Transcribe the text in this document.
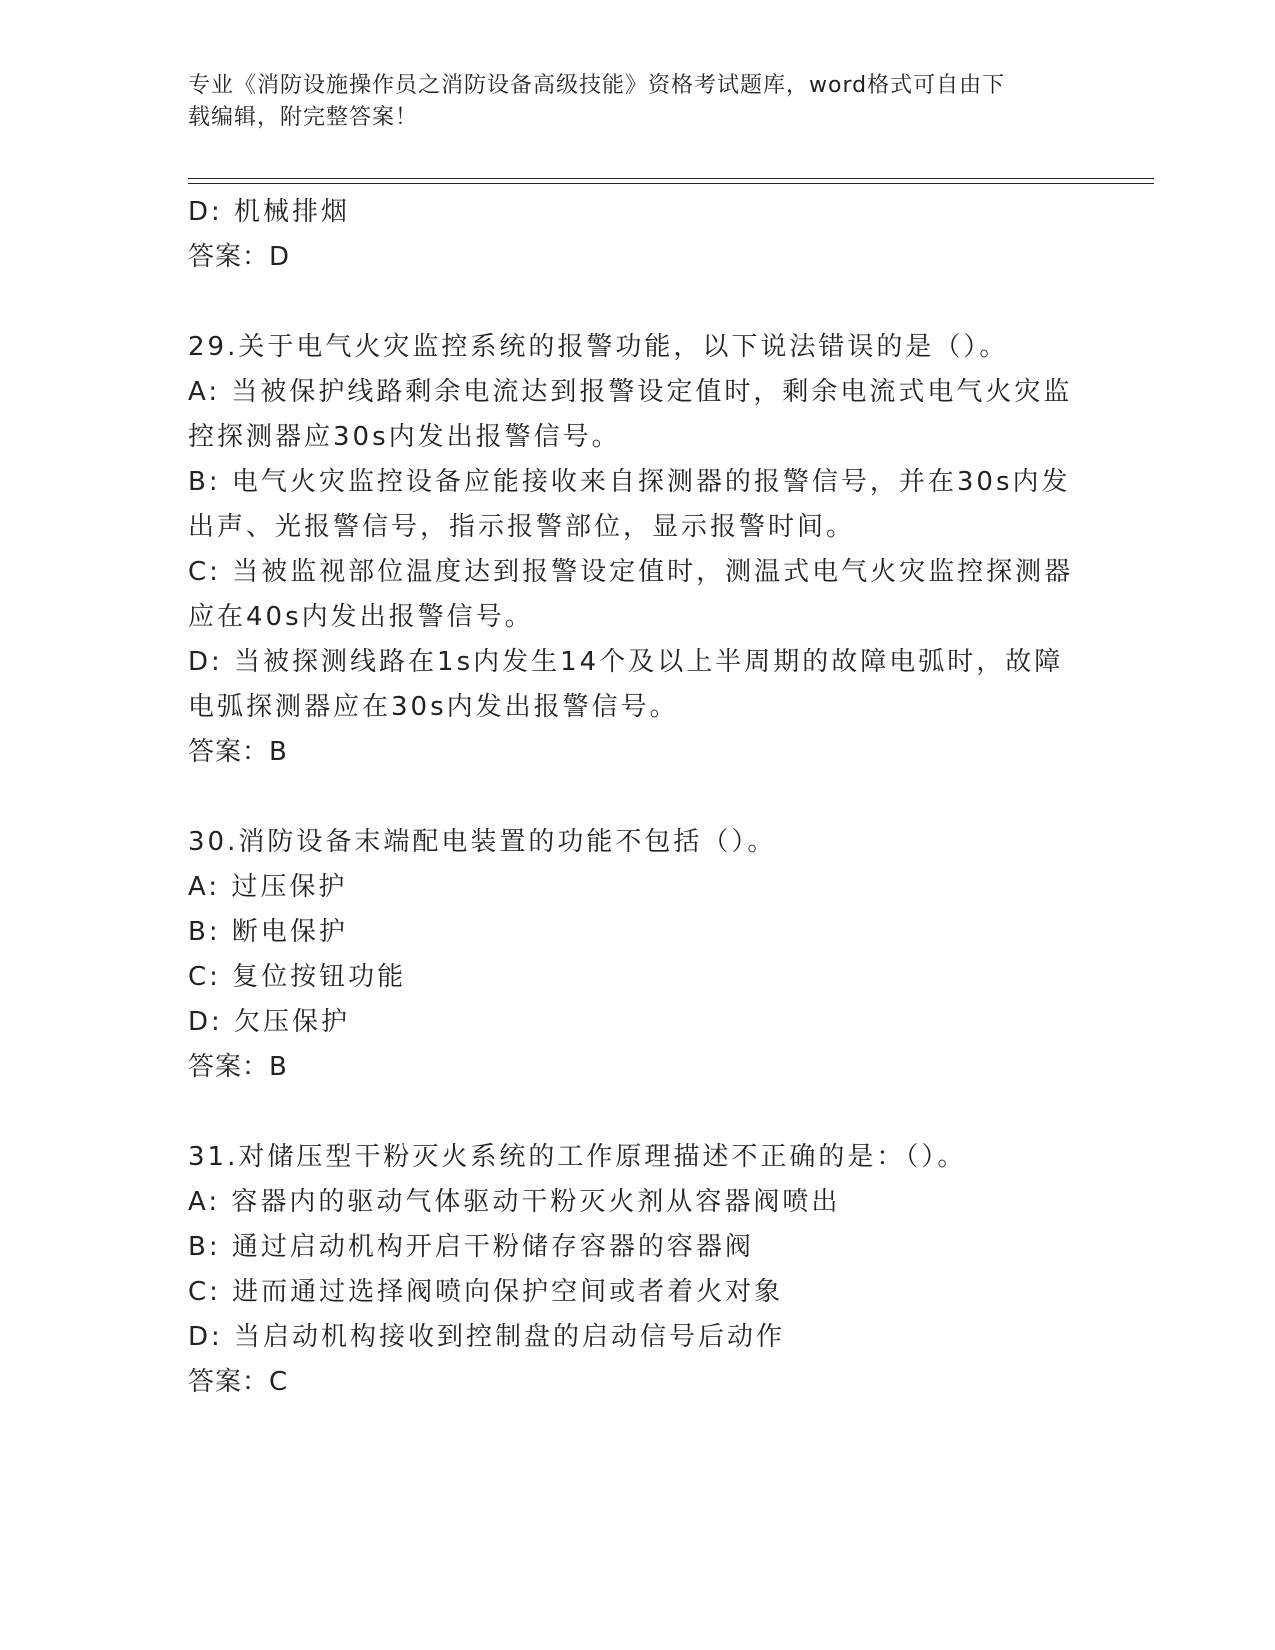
专业《消防设施操作员之消防设备高级技能》资格考试题库，word格式可自由下
载编辑，附完整答案！
D: 机械排烟
答案：D
29.关于电气火灾监控系统的报警功能，以下说法错误的是（）。
A: 当被保护线路剩余电流达到报警设定值时，剩余电流式电气火灾监
控探测器应30s内发出报警信号。
B: 电气火灾监控设备应能接收来自探测器的报警信号，并在30s内发
出声、光报警信号，指示报警部位，显示报警时间。
C: 当被监视部位温度达到报警设定值时，测温式电气火灾监控探测器
应在40s内发出报警信号。
D: 当被探测线路在1s内发生14个及以上半周期的故障电弧时，故障
电弧探测器应在30s内发出报警信号。
答案：B
30.消防设备末端配电装置的功能不包括（）。
A: 过压保护
B: 断电保护
C: 复位按钮功能
D: 欠压保护
答案：B
31.对储压型干粉灭火系统的工作原理描述不正确的是：（）。
A: 容器内的驱动气体驱动干粉灭火剂从容器阀喷出
B: 通过启动机构开启干粉储存容器的容器阀
C: 进而通过选择阀喷向保护空间或者着火对象
D: 当启动机构接收到控制盘的启动信号后动作
答案：C
